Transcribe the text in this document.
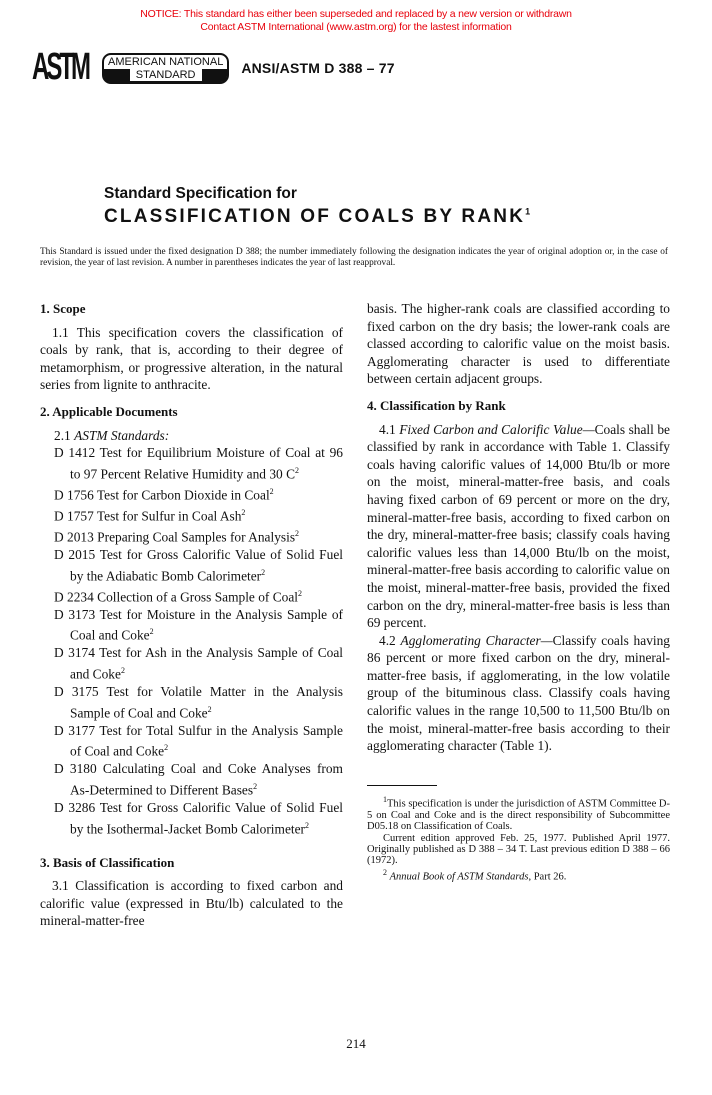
NOTICE: This standard has either been superseded and replaced by a new version or withdrawn
Contact ASTM International (www.astm.org) for the lastest information
ASTM AMERICAN NATIONAL
STANDARD	ANSI/ASTM D 388 – 77
Standard Specification for
CLASSIFICATION OF COALS BY RANK$^1$
This Standard is issued under the fixed designation D 388; the number immediately following the designation indicates the year of original adoption or, in the case of revision, the year of last revision. A number in parentheses indicates the year of last reapproval.
1. Scope

1.1 This specification covers the classification of coals by rank, that is, according to their degree of metamorphism, or progressive alteration, in the natural series from lignite to anthracite.

2. Applicable Documents

2.1 ASTM Standards:

D 1412 Test for Equilibrium Moisture of Coal at 96 to 97 Percent Relative Humidity and 30 C$^2$

D 1756 Test for Carbon Dioxide in Coal$^2$

D 1757 Test for Sulfur in Coal Ash$^2$

D 2013 Preparing Coal Samples for Analysis$^2$

D 2015 Test for Gross Calorific Value of Solid Fuel by the Adiabatic Bomb Calorimeter$^2$

D 2234 Collection of a Gross Sample of Coal$^2$

D 3173 Test for Moisture in the Analysis Sample of Coal and Coke$^2$

D 3174 Test for Ash in the Analysis Sample of Coal and Coke$^2$

D 3175 Test for Volatile Matter in the Analysis Sample of Coal and Coke$^2$

D 3177 Test for Total Sulfur in the Analysis Sample of Coal and Coke$^2$

D 3180 Calculating Coal and Coke Analyses from As-Determined to Different Bases$^2$

D 3286 Test for Gross Calorific Value of Solid Fuel by the Isothermal-Jacket Bomb Calorimeter$^2$

3. Basis of Classification

3.1 Classification is according to fixed carbon and calorific value (expressed in Btu/lb) calculated to the mineral-matter-free

basis. The higher-rank coals are classified according to fixed carbon on the dry basis; the lower-rank coals are classed according to calorific value on the moist basis. Agglomerating character is used to differentiate between certain adjacent groups.

4. Classification by Rank

4.1 Fixed Carbon and Calorific Value—Coals shall be classified by rank in accordance with Table 1. Classify coals having calorific values of 14,000 Btu/lb or more on the moist, mineral-matter-free basis, and coals having fixed carbon of 69 percent or more on the dry, mineral-matter-free basis, according to fixed carbon on the dry, mineral-matter-free basis; classify coals having calorific values less than 14,000 Btu/lb on the moist, mineral-matter-free basis according to calorific value on the moist, mineral-matter-free basis, provided the fixed carbon on the dry, mineral-matter-free basis is less than 69 percent.

4.2 Agglomerating Character—Classify coals having 86 percent or more fixed carbon on the dry, mineral-matter-free basis, if agglomerating, in the low volatile group of the bituminous class. Classify coals having calorific values in the range 10,500 to 11,500 Btu/lb on the moist, mineral-matter-free basis according to their agglomerating character (Table 1).

$^1$This specification is under the jurisdiction of ASTM Committee D-5 on Coal and Coke and is the direct responsibility of Subcommittee D05.18 on Classification of Coals.

Current edition approved Feb. 25, 1977. Published April 1977. Originally published as D 388 – 34 T. Last previous edition D 388 – 66 (1972).

$^2$ Annual Book of ASTM Standards, Part 26.

214
